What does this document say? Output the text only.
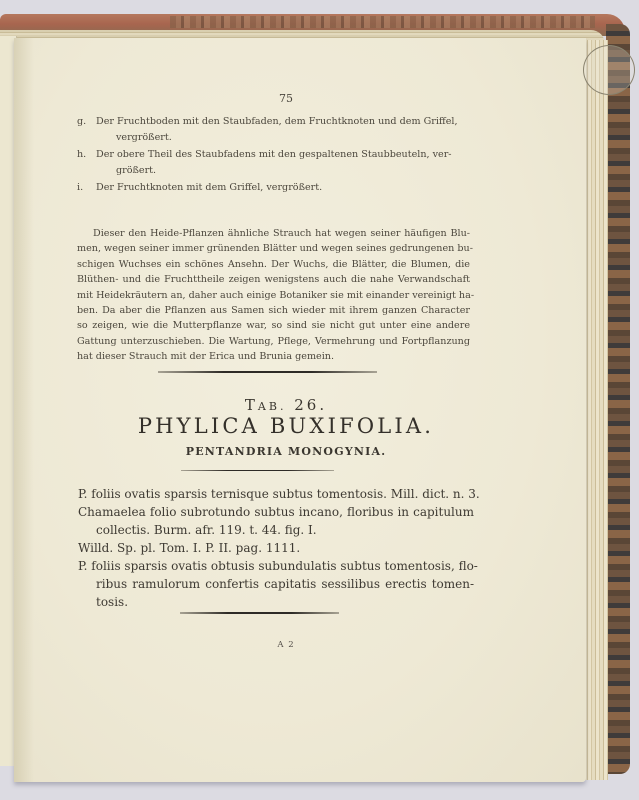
75
g. Der Fruchtboden mit den Staubfaden, dem Fruchtknoten und dem Griffel,
vergrößert.
h. Der obere Theil des Staubfadens mit den gespaltenen Staubbeuteln, ver-
größert.
i. Der Fruchtknoten mit dem Griffel, vergrößert.
Dieser den Heide-Pflanzen ähnliche Strauch hat wegen seiner häufigen Blu-
men, wegen seiner immer grünenden Blätter und wegen seines gedrungenen bu-
schigen Wuchses ein schönes Ansehn. Der Wuchs, die Blätter, die Blumen, die
Blüthen- und die Fruchttheile zeigen wenigstens auch die nahe Verwandschaft
mit Heidekräutern an, daher auch einige Botaniker sie mit einander vereinigt ha-
ben. Da aber die Pflanzen aus Samen sich wieder mit ihrem ganzen Character
so zeigen, wie die Mutterpflanze war, so sind sie nicht gut unter eine andere
Gattung unterzuschieben. Die Wartung, Pflege, Vermehrung und Fortpflanzung
hat dieser Strauch mit der Erica und Brunia gemein.
TAB. 26.
PHYLICA BUXIFOLIA.
PENTANDRIA MONOGYNIA.
P. foliis ovatis sparsis ternisque subtus tomentosis. Mill. dict. n. 3.
Chamaelea folio subrotundo subtus incano, floribus in capitulum
collectis. Burm. afr. 119. t. 44. fig. I.
Willd. Sp. pl. Tom. I. P. II. pag. 1111.
P. foliis sparsis ovatis obtusis subundulatis subtus tomentosis, flo-
ribus ramulorum confertis capitatis sessilibus erectis tomen-
tosis.
A 2
